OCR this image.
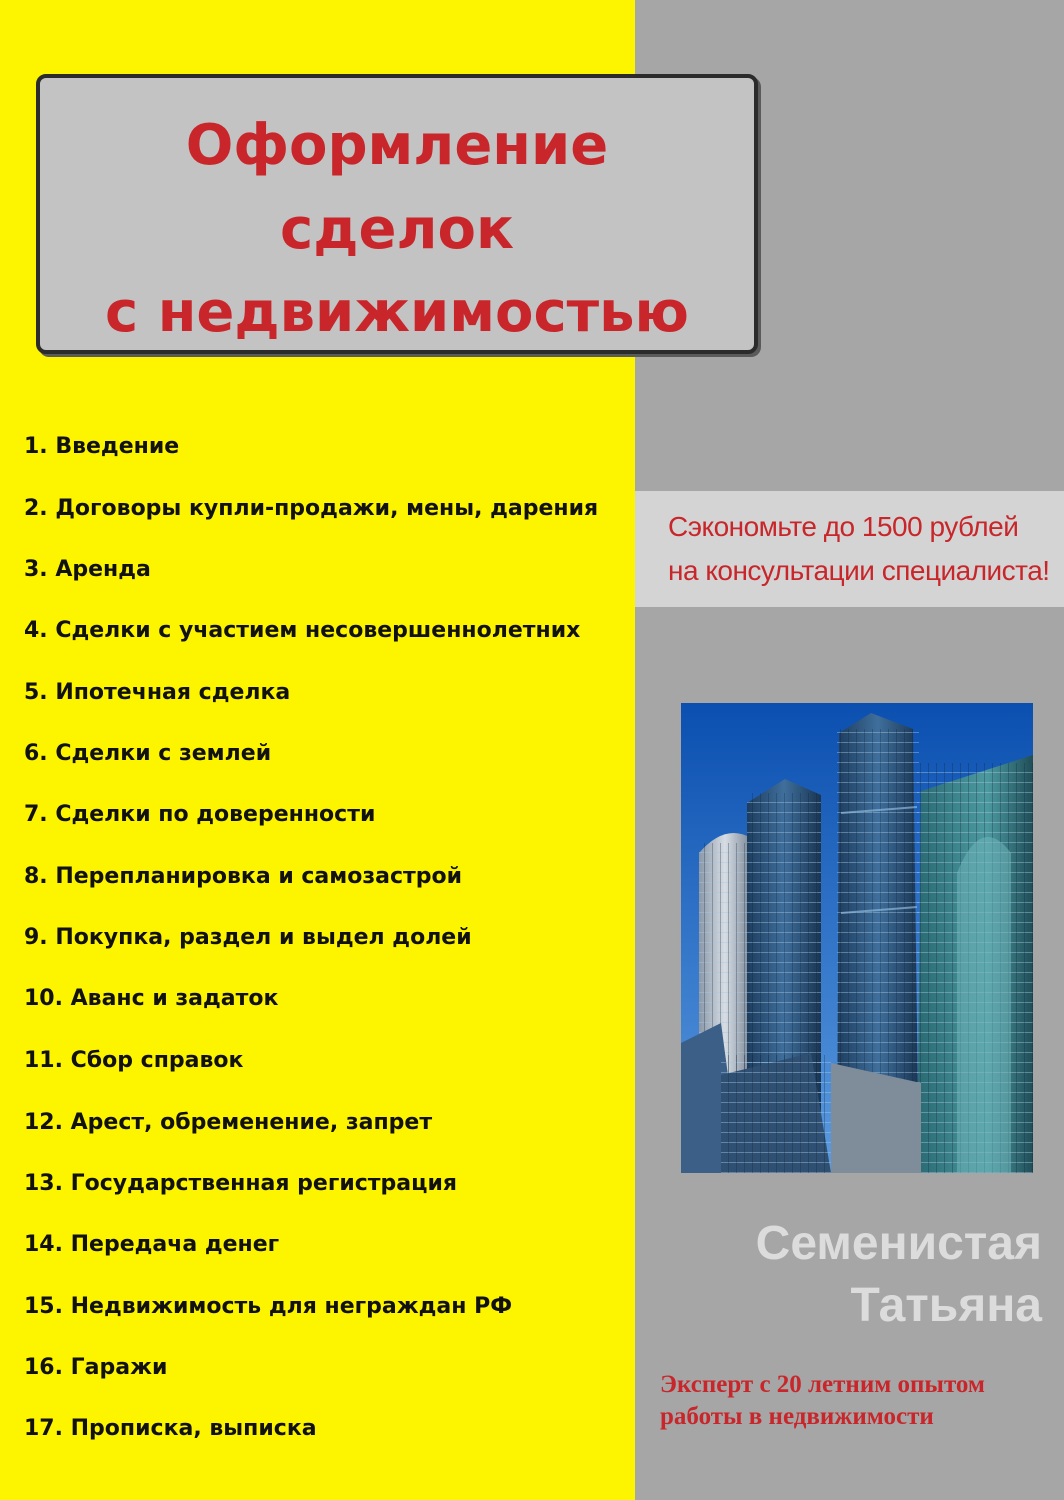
Оформление
сделок
с недвижимостью
1. Введение
2. Договоры купли-продажи, мены, дарения
3. Аренда
4. Сделки с участием несовершеннолетних
5. Ипотечная сделка
6. Сделки с землей
7. Сделки по доверенности
8. Перепланировка и самозастрой
9. Покупка, раздел и выдел долей
10. Аванс и задаток
11. Сбор справок
12. Арест, обременение, запрет
13. Государственная регистрация
14. Передача денег
15. Недвижимость для неграждан РФ
16. Гаражи
17. Прописка, выписка
Сэкономьте до 1500 рублей
на консультации специалиста!
Семенистая
Татьяна
Эксперт с 20 летним опытом
работы в недвижимости
